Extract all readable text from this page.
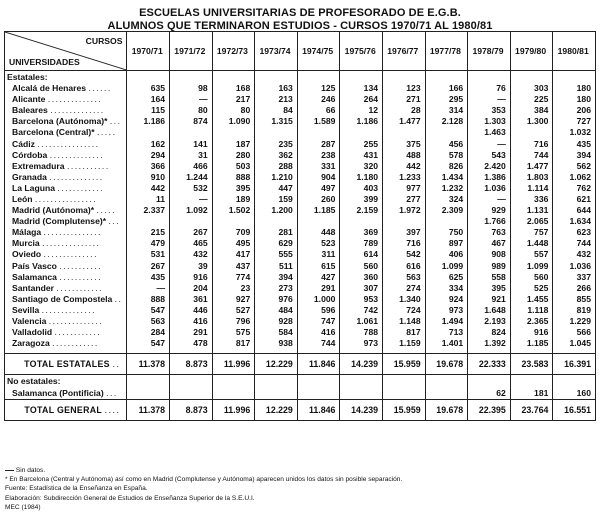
ESCUELAS UNIVERSITARIAS DE PROFESORADO DE E.G.B.
ALUMNOS QUE TERMINARON ESTUDIOS - CURSOS 1970/71 AL 1980/81
CURSOS
UNIVERSIDADES	1970/71	1971/72	1972/73	1973/74	1974/75	1975/76	1976/77	1977/78	1978/79	1979/80	1980/81
Estatales:											
Alcalá de Henares ......	635	98	168	163	125	134	123	166	76	303	180
Alicante ..............	164	—	217	213	246	264	271	295	—	225	180
Baleares ..............	115	80	80	84	66	12	28	314	353	384	206
Barcelona (Autónoma)* ...	1.186	874	1.090	1.315	1.589	1.186	1.477	2.128	1.303	1.300	727
Barcelona (Central)* .....									1.463		1.032
Cádiz ................	162	141	187	235	287	255	375	456	—	716	435
Córdoba ..............	294	31	280	362	238	431	488	578	543	744	394
Extremadura ...........	366	466	503	288	331	320	442	826	2.420	1.477	562
Granada ..............	910	1.244	888	1.210	904	1.180	1.233	1.434	1.386	1.803	1.062
La Laguna ............	442	532	395	447	497	403	977	1.232	1.036	1.114	762
León ................	11	—	189	159	260	399	277	324	—	336	621
Madrid (Autónoma)* .....	2.337	1.092	1.502	1.200	1.185	2.159	1.972	2.309	929	1.131	644
Madrid (Complutense)* ...									1.766	2.065	1.634
Málaga ...............	215	267	709	281	448	369	397	750	763	757	623
Murcia ...............	479	465	495	629	523	789	716	897	467	1.448	744
Oviedo ..............	531	432	417	555	311	614	542	406	908	557	432
País Vasco ...........	267	39	437	511	615	560	616	1.099	989	1.099	1.036
Salamanca ...........	435	916	774	394	427	360	563	625	558	560	337
Santander ............	—	204	23	273	291	307	274	334	395	525	266
Santiago de Compostela ..	888	361	927	976	1.000	953	1.340	924	921	1.455	855
Sevilla ..............	547	446	527	484	596	742	724	973	1.648	1.118	819
Valencia ..............	563	416	796	928	747	1.061	1.148	1.494	2.193	2.365	1.229
Valladolid ............	284	291	575	584	416	788	817	713	824	916	566
Zaragoza ............	547	478	817	938	744	973	1.159	1.401	1.392	1.185	1.045

TOTAL ESTATALES ..	11.378	8.873	11.996	12.229	11.846	14.239	15.959	19.678	22.333	23.583	16.391
No estatales:											
Salamanca (Pontificia) ...									62	181	160
TOTAL GENERAL ....	11.378	8.873	11.996	12.229	11.846	14.239	15.959	19.678	22.395	23.764	16.551
Sin datos.
* En Barcelona (Central y Autónoma) así como en Madrid (Complutense y Autónoma) aparecen unidos los datos sin posible separación.
Fuente: Estadística de la Enseñanza en España.
Elaboración: Subdirección General de Estudios de Enseñanza Superior de la S.E.U.I.
MEC (1984)
